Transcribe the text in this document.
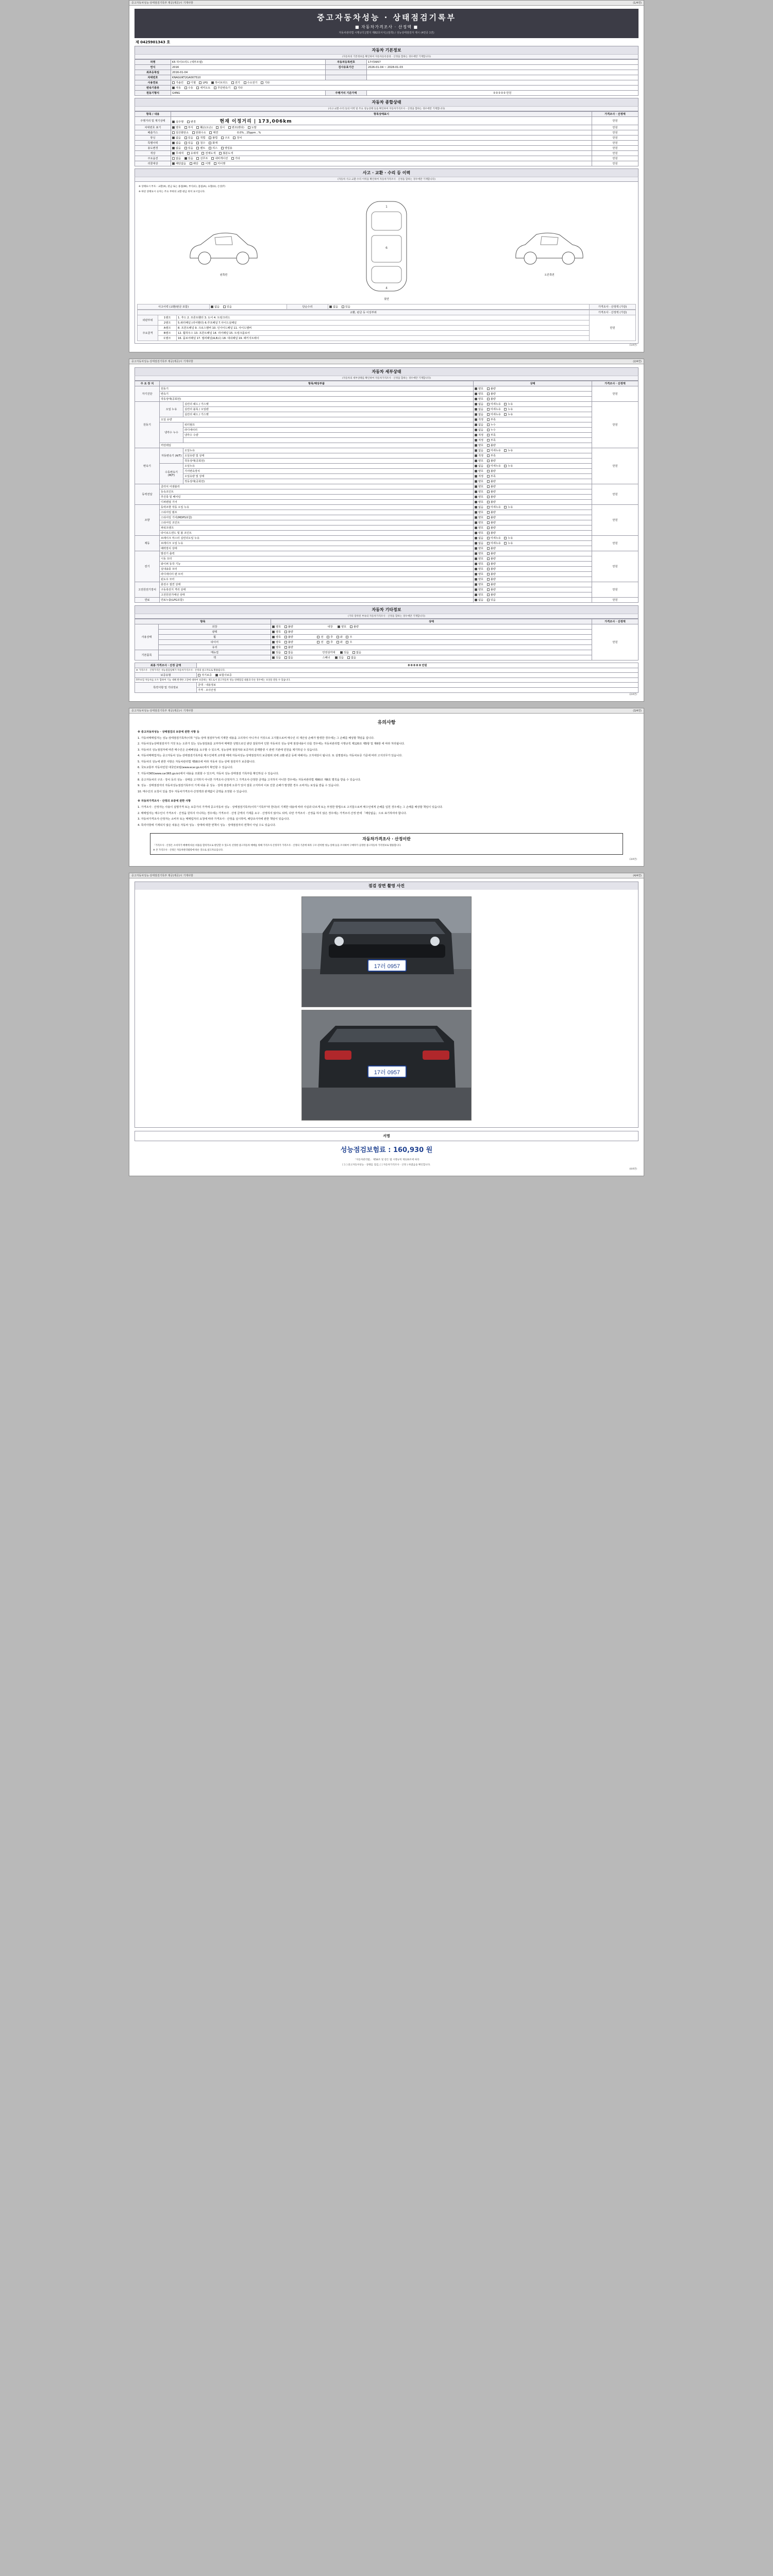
중고자동차성능·상태점검기록부 제공(제공)시 기재사항	(1/4면)
중고자동차성능 · 상태점검기록부
■ 자동차가격조사 · 산정액 ■
자동차관리법 시행규칙 [별지 제82호서식] (앞쪽) / 성능상태점검자 제시 (4면중 1면)
제 0425901343 호
자동차 기본정보
(자동차의 기본정보를 확인하여 자동차등록증과 · 산정을 합하는 경우에만 기재합니다)
차명	K5 하이브리드 (세부모델)	자동차등록번호	17러0957
연식	2016	검사유효기간	2026-01-04 ~ 2028-01-03
최초등록일	2016-01-04		
차대번호	KNAGUKT2GA007510		
사용연료	가솔린 디젤 LPG 하이브리드 전기 수소전기 기타		
변속기종류	자동 수동 세미오토 무단변속기 기타		
원동기형식	G4NG	주행거리 기준가액	0 0 0 0 0 만원
자동차 종합상태
(사고·교환·수리 등의 이력 및 주요 성능상태 등을 확인하여 자동차가격조사 · 산정을 합하는 경우에만 기재합니다)
항목 / 내용	항목상태표시	가격조사 · 산정액
주행거리 및 계기상태	실주행 변경 현재 이정거리 | 173,006km	만원
차대번호 표기	양호 부식 훼손(오손) 상이 변조(변타) 도말	만원
배출가스	일산화탄소 탄화수소 매연 0.0% , 25ppm , %	만원
튜닝	없음 있음 적법 불법 구조 장치	만원
특별이력	없음 있음 침수 화재	만원
용도변경	없음 있음 렌트 리스 영업용	만원
색상	무채색 유채색 전체도색 部분도색	만원
주요옵션	없음 있음 선루프 내비게이션 기타	만원
리콜대상	해당없음 해당 이행 미이행	만원
사고 · 교환 · 수리 등 이력
(자동차 사고·교환·수리 이력을 확인하여 자동차가격조사 · 산정을 합하는 경우에만 기재합니다)
※ 상태표시 부호 : 교환(X), 판금 또는 용접(W), 부식(C), 흠집(A), 요철(U), 손상(T)
※ 하단 상태표시 숫자는 주요 부위의 교환·판금 위치 표시입니다.
왼쪽면
1
6
4
윗면
오른쪽면
사고이력 (교환/판금 포함)	없음	있음	단순수리	없음	있음	가격조사 · 산정액 (가감)
교환, 판금 등 이상부위			가격조사 · 산정액 (가감)
외판부위	1랭크	1. 후드 2. 프론트휀더 3. 도어 4. 트렁크리드	만원
	2랭크	5.쿼터패널 (리어휀더) 6.루프패널 7.사이드실패널	
주요골격	A랭크	8. 프론트패널 9. 크로스멤버 10. 인사이드패널 11. 사이드멤버	
	B랭크	12. 휠하우스 13. 프론트패널 14. 리어패널 15. 트렁크플로어	
	C랭크	16. 플로어패널 17. 필러패널(A,B,C) 18. 대쉬패널 19. 패키지트레이	
(1/4면)
중고자동차성능·상태점검기록부 제공(제공)시 기재사항	(2/4면)
자동차 세부상태
(자동차의 세부상태를 확인하여 자동차가격조사 · 산정을 합하는 경우에만 기재합니다)
주 요 장 치	항목/해당부품		상태	가격조사 · 산정액
자기진단	원동기		양호 불량	만원
	변속기		양호 불량	
	작동상태(공회전)		양호 불량	
원동기	오일 누유	실린더 헤드 / 가스켓	없음 미세누유 누유	만원
		실린더 블록 / 오일팬	없음 미세누유 누유	
		실린더 헤드 / 가스켓	없음 미세누유 누유	
	오일 유량		적정 부족	
	냉각수 누수	워터펌프	없음 누수	
		라디에이터	없음 누수	
		냉각수 수량	적정 부족	
			적정 부족	
	커먼레일		양호 불량	
변속기	자동변속기 (A/T)	오일누유	없음 미세누유 누유	만원
		오일유량 및 상태	적정 부족	
		작동상태(공회전)	양호 불량	
	수동변속기
(M/T)	오일누유	없음 미세누유 누유	
		기어변속장치	양호 불량	
		오일유량 및 상태	적정 부족	
		작동상태(공회전)	양호 불량	
동력전달	클러치 어셈블리		양호 불량	만원
	등속조인트		양호 불량	
	추진축 및 베어링		양호 불량	
	디퍼렌셜 기어		양호 불량	
조향	동력조향 작동 오일 누유		없음 미세누유 누유	만원
	스티어링 펌프		양호 불량	
	스티어링 기어(MDPS포함)		양호 불량	
	스티어링 조인트		양호 불량	
	파워크랭크		양호 불량	
	타이로드엔드 및 볼 조인트		양호 불량	
제동	브레이크 마스터 실린더오일 누유		없음 미세누유 누유	만원
	브레이크 오일 누유		없음 미세누유 누유	
	배력장치 상태		양호 불량	
전기	발전기 출력		양호 불량	만원
	시동 모터		양호 불량	
	와이퍼 동작 기능		양호 불량	
	실내송풍 모터		양호 불량	
	라디에이터 팬 모터		양호 불량	
	윈도우 모터		양호 불량	
고전원전기장치	충전구 절연 상태		양호 불량	만원
	구동축전지 격리 상태		양호 불량	
	고전원전기배선 상태		양호 불량	
연료	연료누출(LPG포함)		없음 있음	만원
자동차 기타정보
(기타 장착된 부속의 자동차가격조사 · 산정을 합하는 경우에만 기재합니다)
항목		상태	가격조사 · 산정액
사용상태	외장	양호 불량 내장 양호 불량	만원
	광택	양호 불량	
	휠	양호 불량 전 후 좌 우	
	타이어	양호 불량 전 후 좌 우	
	유리	양호 불량	
기본품목	매뉴얼	있음 없음 안전삼각대 있음 없음	
	잭	있음 없음 스패너 있음 없음	
최종 가격조사 · 산정 금액	0 0 0 0 0 만원
※ 가격조사 · 산정가격은 성능점검업체가 자동차가격조사 · 산정의 참고자료로 활용됩니다.	
보증유형	자기보증 보험사보증
П무보험 자동차를 모두 합하여 기능 대해 발생한 고장에 대하여 보증하는 제도로서 중고자동차 성능·상태점검 내용과 다른 경우에는 보상을 받을 수 있습니다.	
특약사항 및 기타정보	금액 · 내용정보
	가격 · 조사산정
(2/4면)
중고자동차성능·상태점검기록부 제공(제공)시 기재사항	(3/4면)
유의사항

※ 중고자동차성능 · 상태점검의 보증에 관한 사항 등

1. 가동차매매업자는 성능·상태점검기록부(이하 "성능·상태 점검부")에 기재한 내용을 고의적이 아니거나 거짓으로 고지할으로써 매수인 의 재산상 손해가 발생한 경우에는 그 손해를 배상할 책임을 집니다.

2. 자동차성능상태점검자가 거짓 또는 오류가 있는 성능점검표를 교부하여 매매한 성명으로인 판단 잘못하여 인한 자동차의 성능·상태 점검내용이 다를 경우에는 자동차관리법 시행규칙 제120조 제5항 및 제6항 에 따라 처리됩니다.

3. 자동차의 성능점검자에 따른 매수인은 손해배상을 요구할 수 있으며, 성능상태 점검자와 보증처리 문제발생 시 관련 기관에 민원을 제기하실 수 있습니다.

4. 자동차매매업자는 중고자동차 성능·상태점검기록부를 매수인에게 교부할 때에 자동차성능·상태점검자의 보증범위 외에 교환·판금 등에 대해서는 고지대상이 됩니다. 또 실명절차는 자동차보증 기준에 따라 고지의무가 있습니다.

5. 자동차의 성능에 관한 사항은 자동차관리법 제58조에 따라 자동차 성능·상태 점검자가 보증합니다.

6. 국토교통부 자동차민원 대국민포털(www.ecar.go.kr)에서 확인할 수 있습니다.

7. 자동차365(www.car365.go.kr)에서 내용을 조회할 수 있으며, 자동차 성능·상태점검 기록부를 확인하실 수 있습니다.

8. 중고자동차의 구조 · 장치 등의 성능 · 상태를 고지하지 아니한 가격조사·산정자가 그 가격조사·산정한 금액을 고지하지 아니한 경우에는 자동차관리법 제80조 제6호 벌칙을 받을 수 있습니다.

9. 성능 · 상태점검자의 자동차성능점검기록부의 기재 내용 중 성능 · 상태 점검에 오류가 있어 잘못 고지하여 이로 인한 손해가 발생한 경우 소비자는 보상을 받을 수 있습니다.

10. 매수인의 요청이 있을 경우 자동차가격조사·산정액과 관계없이 금액을 조정할 수 있습니다.

※ 자동차가격조사 · 산정의 보증에 관한 사항

1. 가격조사 · 산정자는 사용이 실명가격 또는 보증가의 가격에 중고자동차 성능 · 상태점검기록부(이하 "기록부"라 한다)의 기재한 내용에 따라 사실과 다르게 또는 부정한 방법으로 고지함으로써 매수인에게 손해를 입힌 경우에는 그 손해를 배상할 책임이 있습니다.

2. 매매업자는 매수인이 가격조사 · 산정을 원하지 아니하는 경우에는 가격조사 · 산정 금액의 기재를 요구 · 산정하지 않아도 되며, 다만 가격조사 · 산정을 하지 않은 경우에는 가격조사·산정 란에 「해당없음」으로 표기하여야 합니다.

3. 자동차가격조사·산정자는 소비자 또는 매매업자의 요청에 따라 가격조사 · 산정을 실시하며, 해당조사자에 관한 책임이 있습니다.

4. 특약사항에 기재되지 않은 내용은 자동차 성능 · 상태에 대한 면책이 성능 · 상태점검자의 면책이 아닐 수도 있습니다.

자동차가격조사 · 산정이란
「가격조사 · 산정은 소비자가 매매에 따른 비용을 합리적으로 판단할 수 있도록 선정한 중고자동차 매매를 위해 가격조사·산정자가 가격조사 · 산정의 기준에 따라 구조·장치별 성능·상태 등을 조사하여 구매자가 공정한 중고자동차 가격정보로 활용합니다.
※ 본 가격조사 · 산정은 자동차관리법령에 따른 것으로 참고자료입니다.
(3/4면)
중고자동차성능·상태점검기록부 제공(제공)시 기재사항	(4/4면)
점검 장면 촬영 사진
17러 0957
17러 0957
서명
성능점검보험료 : 160,930 원
「자동차관리법」 제58조 및 같은 법 시행규칙 제120조에 따라
[ 1 ] 중고자동차성능 · 상태를 점검, [ ] 자동차가격조사 · 산정 ) 하였음을 확인합니다.
(4/4면)
